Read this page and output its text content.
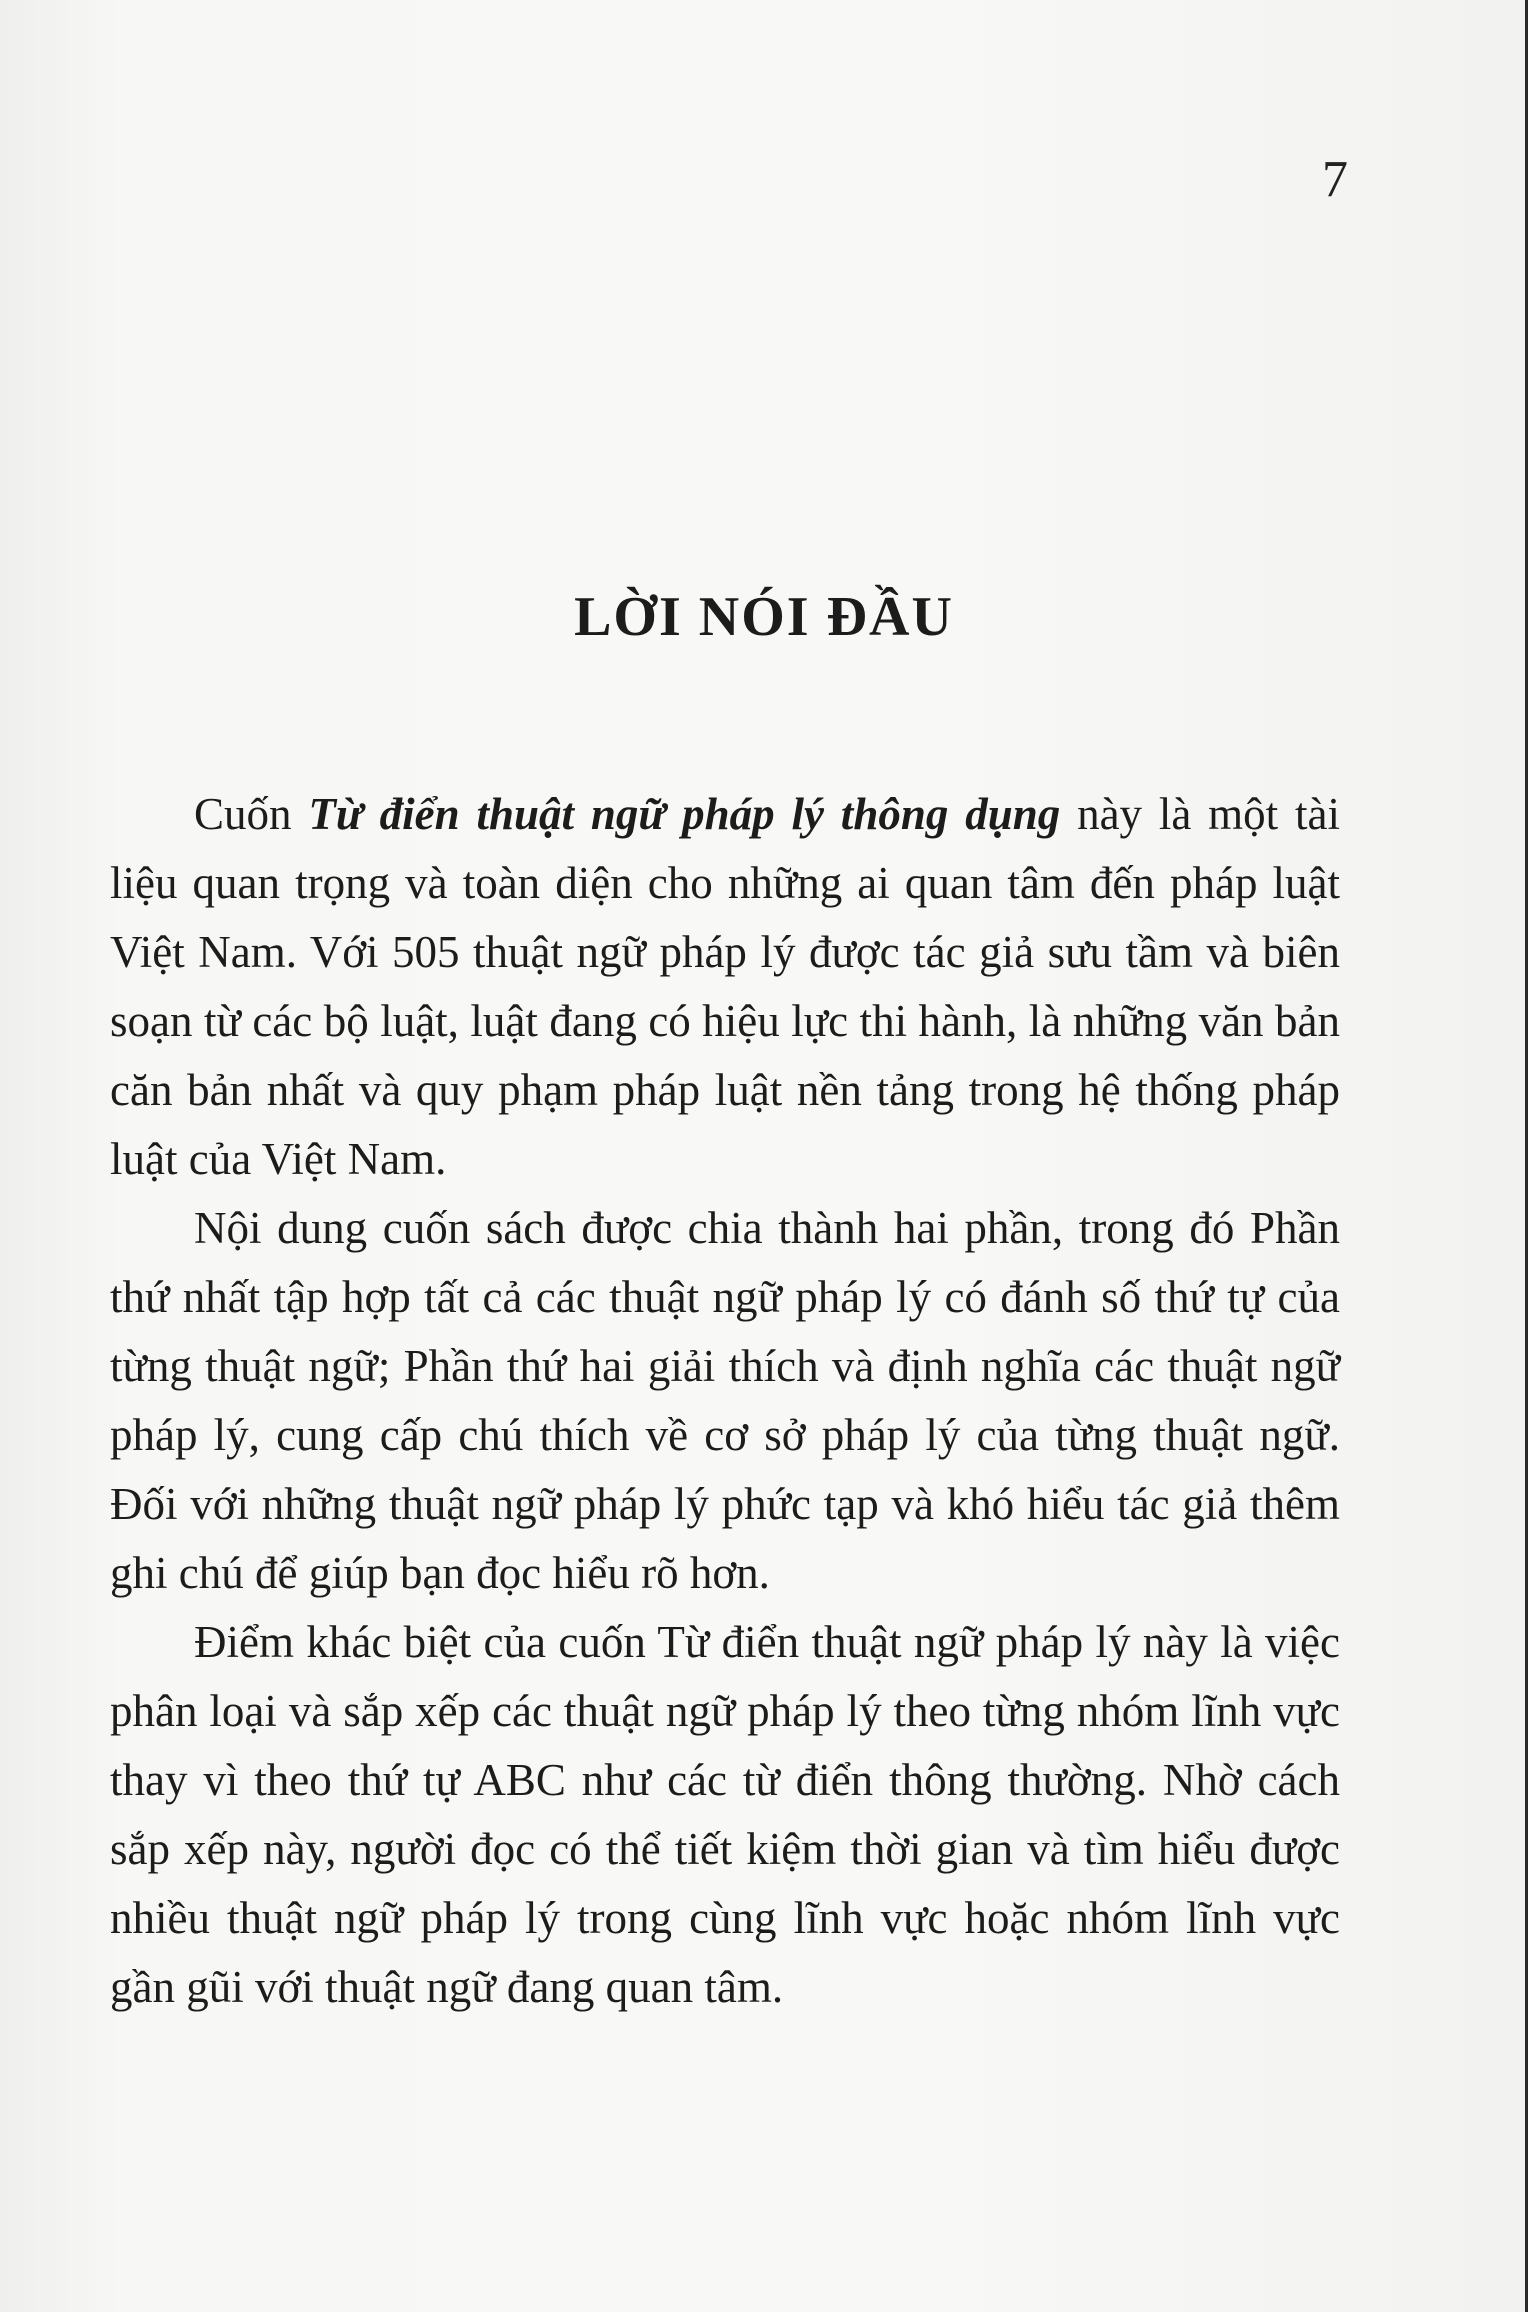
7
LỜI NÓI ĐẦU

Cuốn Từ điển thuật ngữ pháp lý thông dụng này là một tài liệu quan trọng và toàn diện cho những ai quan tâm đến pháp luật Việt Nam. Với 505 thuật ngữ pháp lý được tác giả sưu tầm và biên soạn từ các bộ luật, luật đang có hiệu lực thi hành, là những văn bản căn bản nhất và quy phạm pháp luật nền tảng trong hệ thống pháp luật của Việt Nam.

Nội dung cuốn sách được chia thành hai phần, trong đó Phần thứ nhất tập hợp tất cả các thuật ngữ pháp lý có đánh số thứ tự của từng thuật ngữ; Phần thứ hai giải thích và định nghĩa các thuật ngữ pháp lý, cung cấp chú thích về cơ sở pháp lý của từng thuật ngữ. Đối với những thuật ngữ pháp lý phức tạp và khó hiểu tác giả thêm ghi chú để giúp bạn đọc hiểu rõ hơn.

Điểm khác biệt của cuốn Từ điển thuật ngữ pháp lý này là việc phân loại và sắp xếp các thuật ngữ pháp lý theo từng nhóm lĩnh vực thay vì theo thứ tự ABC như các từ điển thông thường. Nhờ cách sắp xếp này, người đọc có thể tiết kiệm thời gian và tìm hiểu được nhiều thuật ngữ pháp lý trong cùng lĩnh vực hoặc nhóm lĩnh vực gần gũi với thuật ngữ đang quan tâm.
